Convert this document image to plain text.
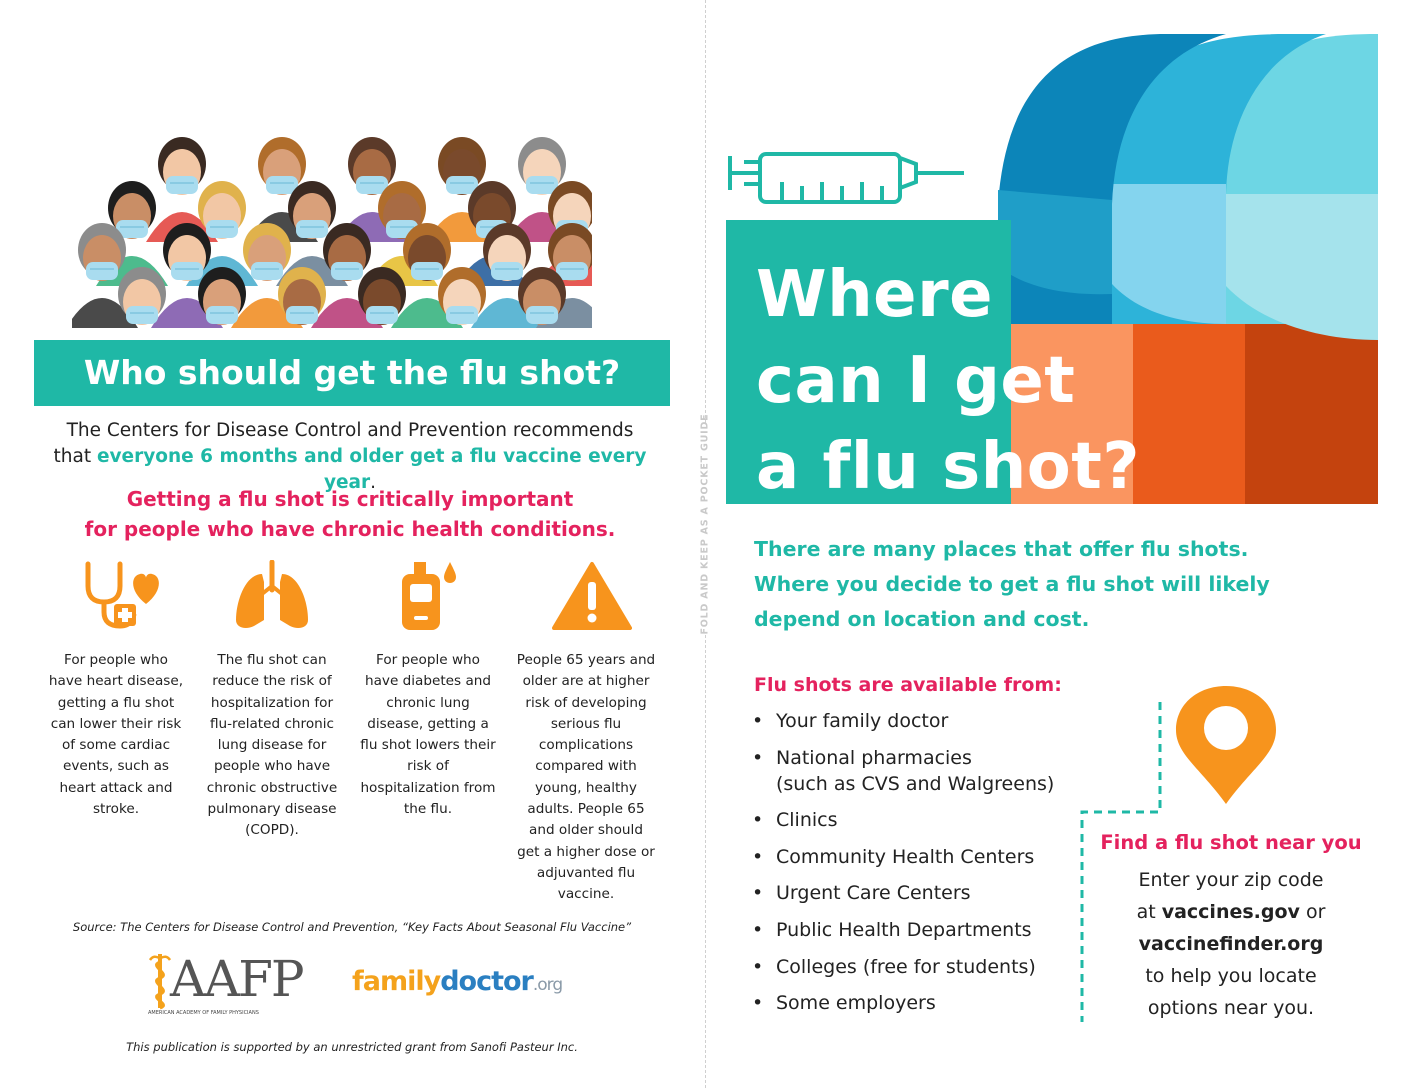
Who should get the flu shot?
The Centers for Disease Control and Prevention recommends
that everyone 6 months and older get a flu vaccine every year.
Getting a flu shot is critically important
for people who have chronic health conditions.
For people who have heart disease, getting a flu shot can lower their risk of some cardiac events, such as heart attack and stroke.
The flu shot can reduce the risk of hospitalization for flu-related chronic lung disease for people who have chronic obstructive pulmonary disease (COPD).
For people who have diabetes and chronic lung disease, getting a flu shot lowers their risk of hospitalization from the flu.
People 65 years and older are at higher risk of developing serious flu complications compared with young, healthy adults. People 65 and older should get a higher dose or adjuvanted flu vaccine.
Source: The Centers for Disease Control and Prevention, “Key Facts About Seasonal Flu Vaccine”
AAFP
AMERICAN ACADEMY OF FAMILY PHYSICIANS
familydoctor.org
This publication is supported by an unrestricted grant from Sanofi Pasteur Inc.
FOLD AND KEEP AS A POCKET GUIDE
Where
can I get
a flu shot?
There are many places that offer flu shots.
Where you decide to get a flu shot will likely
depend on location and cost.
Flu shots are available from:
• Your family doctor
• National pharmacies
(such as CVS and Walgreens)
• Clinics
• Community Health Centers
• Urgent Care Centers
• Public Health Departments
• Colleges (free for students)
• Some employers
Find a flu shot near you
Enter your zip code
at vaccines.gov or
vaccinefinder.org
to help you locate
options near you.
